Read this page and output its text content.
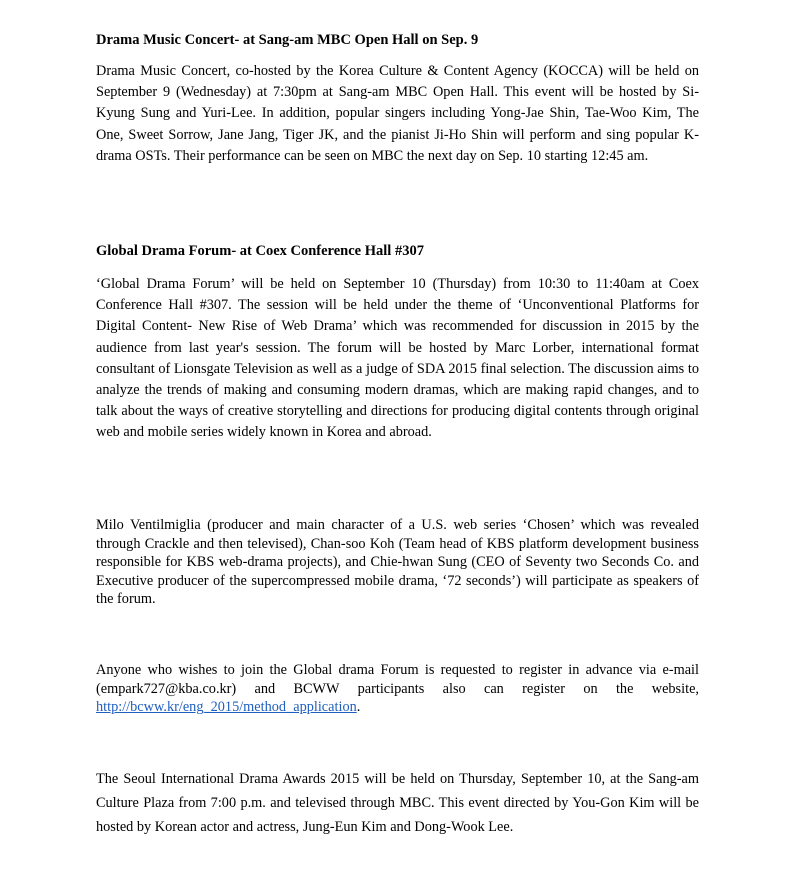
Drama Music Concert- at Sang-am MBC Open Hall on Sep. 9

Drama Music Concert, co-hosted by the Korea Culture & Content Agency (KOCCA) will be held on September 9 (Wednesday) at 7:30pm at Sang-am MBC Open Hall. This event will be hosted by Si-Kyung Sung and Yuri-Lee. In addition, popular singers including Yong-Jae Shin, Tae-Woo Kim, The One, Sweet Sorrow, Jane Jang, Tiger JK, and the pianist Ji-Ho Shin will perform and sing popular K-drama OSTs. Their performance can be seen on MBC the next day on Sep. 10 starting 12:45 am.

Global Drama Forum- at Coex Conference Hall #307

‘Global Drama Forum’ will be held on September 10 (Thursday) from 10:30 to 11:40am at Coex Conference Hall #307. The session will be held under the theme of ‘Unconventional Platforms for Digital Content- New Rise of Web Drama’ which was recommended for discussion in 2015 by the audience from last year's session. The forum will be hosted by Marc Lorber, international format consultant of Lionsgate Television as well as a judge of SDA 2015 final selection. The discussion aims to analyze the trends of making and consuming modern dramas, which are making rapid changes, and to talk about the ways of creative storytelling and directions for producing digital contents through original web and mobile series widely known in Korea and abroad.

Milo Ventilmiglia (producer and main character of a U.S. web series ‘Chosen’ which was revealed through Crackle and then televised), Chan-soo Koh (Team head of KBS platform development business responsible for KBS web-drama projects), and Chie-hwan Sung (CEO of Seventy two Seconds Co. and Executive producer of the supercompressed mobile drama, ‘72 seconds’) will participate as speakers of the forum.

Anyone who wishes to join the Global drama Forum is requested to register in advance via e-mail (empark727@kba.co.kr) and BCWW participants also can register on the website, http://bcww.kr/eng_2015/method_application.

The Seoul International Drama Awards 2015 will be held on Thursday, September 10, at the Sang-am Culture Plaza from 7:00 p.m. and televised through MBC. This event directed by You-Gon Kim will be hosted by Korean actor and actress, Jung-Eun Kim and Dong-Wook Lee.
